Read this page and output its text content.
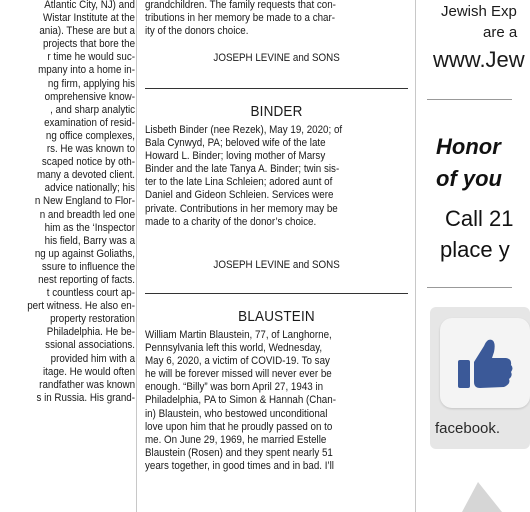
Atlantic City, NJ) and
Wistar Institute at the
ania). These are but a
projects that bore the
r time he would suc-
mpany into a home in-
ng firm, applying his
omprehensive know-
, and sharp analytic
examination of resid-
ng office complexes,
rs. He was known to
scaped notice by oth-
many a devoted client.
advice nationally; his
n New England to Flor-
n and breadth led one
him as the ‘Inspector
his field, Barry was a
ng up against Goliaths,
ssure to influence the
nest reporting of facts.
t countless court ap-
pert witness. He also en-
property restoration
Philadelphia. He be-
ssional associations.
provided him with a
itage. He would often
randfather was known
s in Russia. His grand-
grandchildren. The family requests that con-
tributions in her memory be made to a char-
ity of the donors choice.
JOSEPH LEVINE and SONS
BINDER
Lisbeth Binder (nee Rezek), May 19, 2020; of
Bala Cynwyd, PA; beloved wife of the late
Howard L. Binder; loving mother of Marsy
Binder and the late Tanya A. Binder; twin sis-
ter to the late Lina Schleien; adored aunt of
Daniel and Gideon Schleien. Services were
private. Contributions in her memory may be
made to a charity of the donor’s choice.
JOSEPH LEVINE and SONS
BLAUSTEIN
William Martin Blaustein, 77, of Langhorne,
Pennsylvania left this world, Wednesday,
May 6, 2020, a victim of COVID-19. To say
he will be forever missed will never ever be
enough. “Billy” was born April 27, 1943 in
Philadelphia, PA to Simon & Hannah (Chan-
in) Blaustein, who bestowed unconditional
love upon him that he proudly passed on to
me. On June 29, 1969, he married Estelle
Blaustein (Rosen) and they spent nearly 51
years together, in good times and in bad. I’ll
Jewish Exp
are a
www.Jew
Honor
of you
Call 21
place y
facebook.
